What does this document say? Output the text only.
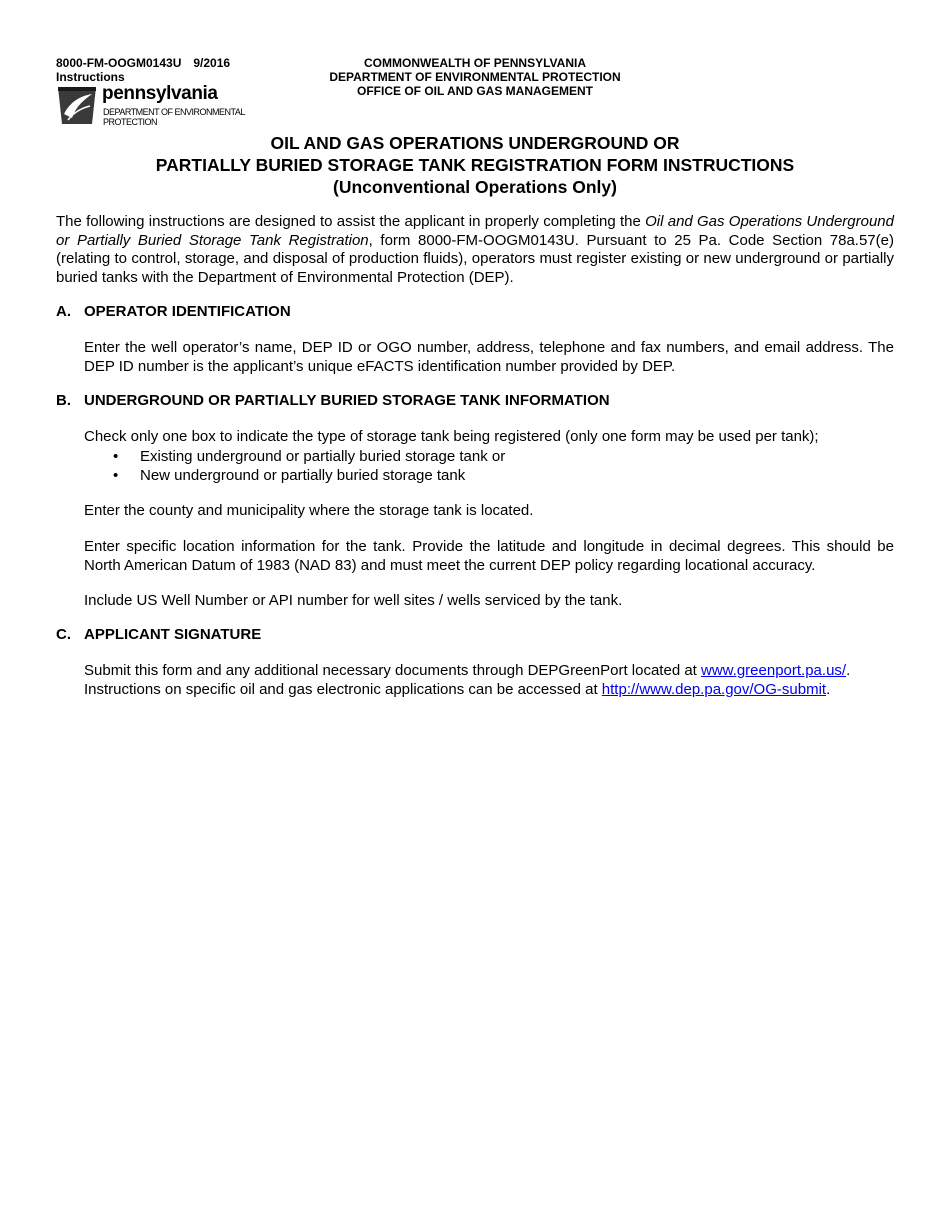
8000-FM-OOGM0143U 9/2016
Instructions
COMMONWEALTH OF PENNSYLVANIA
DEPARTMENT OF ENVIRONMENTAL PROTECTION
OFFICE OF OIL AND GAS MANAGEMENT
pennsylvania
DEPARTMENT OF ENVIRONMENTAL PROTECTION
OIL AND GAS OPERATIONS UNDERGROUND OR
PARTIALLY BURIED STORAGE TANK REGISTRATION FORM INSTRUCTIONS
(Unconventional Operations Only)

The following instructions are designed to assist the applicant in properly completing the Oil and Gas Operations Underground or Partially Buried Storage Tank Registration, form 8000-FM-OOGM0143U. Pursuant to 25 Pa. Code Section 78a.57(e) (relating to control, storage, and disposal of production fluids), operators must register existing or new underground or partially buried tanks with the Department of Environmental Protection (DEP).

A. OPERATOR IDENTIFICATION

Enter the well operator’s name, DEP ID or OGO number, address, telephone and fax numbers, and email address. The DEP ID number is the applicant’s unique eFACTS identification number provided by DEP.

B. UNDERGROUND OR PARTIALLY BURIED STORAGE TANK INFORMATION

Check only one box to indicate the type of storage tank being registered (only one form may be used per tank);

• Existing underground or partially buried storage tank or
• New underground or partially buried storage tank

Enter the county and municipality where the storage tank is located.

Enter specific location information for the tank. Provide the latitude and longitude in decimal degrees. This should be North American Datum of 1983 (NAD 83) and must meet the current DEP policy regarding locational accuracy.

Include US Well Number or API number for well sites / wells serviced by the tank.

C. APPLICANT SIGNATURE
Submit this form and any additional necessary documents through DEPGreenPort located at www.greenport.pa.us/.
Instructions on specific oil and gas electronic applications can be accessed at http://www.dep.pa.gov/OG-submit.
